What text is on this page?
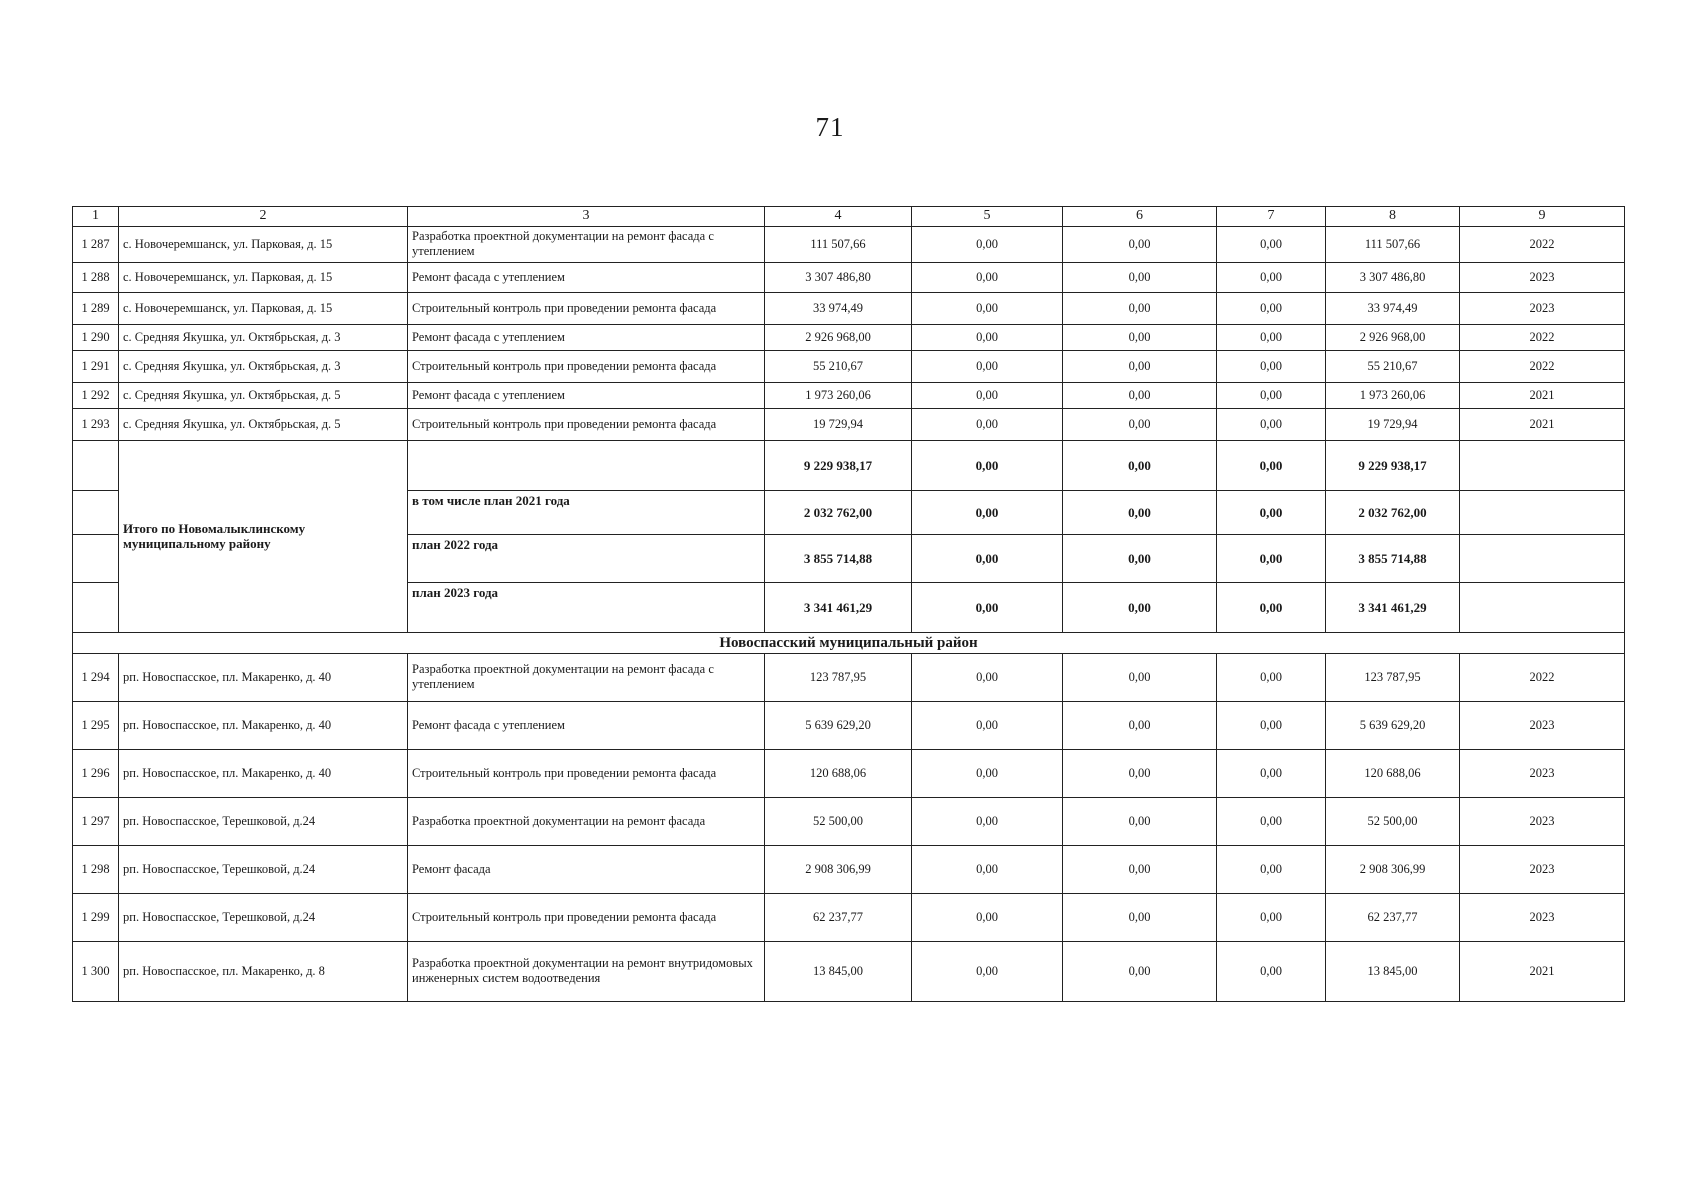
71
1	2	3	4	5	6	7	8	9
1 287	с. Новочеремшанск, ул. Парковая, д. 15	Разработка проектной документации на ремонт фасада с утеплением	111 507,66	0,00	0,00	0,00	111 507,66	2022
1 288	с. Новочеремшанск, ул. Парковая, д. 15	Ремонт фасада с утеплением	3 307 486,80	0,00	0,00	0,00	3 307 486,80	2023
1 289	с. Новочеремшанск, ул. Парковая, д. 15	Строительный контроль при проведении ремонта фасада	33 974,49	0,00	0,00	0,00	33 974,49	2023
1 290	с. Средняя Якушка, ул. Октябрьская, д. 3	Ремонт фасада с утеплением	2 926 968,00	0,00	0,00	0,00	2 926 968,00	2022
1 291	с. Средняя Якушка, ул. Октябрьская, д. 3	Строительный контроль при проведении ремонта фасада	55 210,67	0,00	0,00	0,00	55 210,67	2022
1 292	с. Средняя Якушка, ул. Октябрьская, д. 5	Ремонт фасада с утеплением	1 973 260,06	0,00	0,00	0,00	1 973 260,06	2021
1 293	с. Средняя Якушка, ул. Октябрьская, д. 5	Строительный контроль при проведении ремонта фасада	19 729,94	0,00	0,00	0,00	19 729,94	2021
	Итого по Новомалыклинскому муниципальному району		9 229 938,17	0,00	0,00	0,00	9 229 938,17	
		в том числе план 2021 года	2 032 762,00	0,00	0,00	0,00	2 032 762,00	
		план 2022 года	3 855 714,88	0,00	0,00	0,00	3 855 714,88	
		план 2023 года	3 341 461,29	0,00	0,00	0,00	3 341 461,29	
Новоспасский муниципальный район								
1 294	рп. Новоспасское, пл. Макаренко, д. 40	Разработка проектной документации на ремонт фасада с утеплением	123 787,95	0,00	0,00	0,00	123 787,95	2022
1 295	рп. Новоспасское, пл. Макаренко, д. 40	Ремонт фасада с утеплением	5 639 629,20	0,00	0,00	0,00	5 639 629,20	2023
1 296	рп. Новоспасское, пл. Макаренко, д. 40	Строительный контроль при проведении ремонта фасада	120 688,06	0,00	0,00	0,00	120 688,06	2023
1 297	рп. Новоспасское, Терешковой, д.24	Разработка проектной документации на ремонт фасада	52 500,00	0,00	0,00	0,00	52 500,00	2023
1 298	рп. Новоспасское, Терешковой, д.24	Ремонт фасада	2 908 306,99	0,00	0,00	0,00	2 908 306,99	2023
1 299	рп. Новоспасское, Терешковой, д.24	Строительный контроль при проведении ремонта фасада	62 237,77	0,00	0,00	0,00	62 237,77	2023
1 300	рп. Новоспасское, пл. Макаренко, д. 8	Разработка проектной документации на ремонт внутридомовых инженерных систем водоотведения	13 845,00	0,00	0,00	0,00	13 845,00	2021
